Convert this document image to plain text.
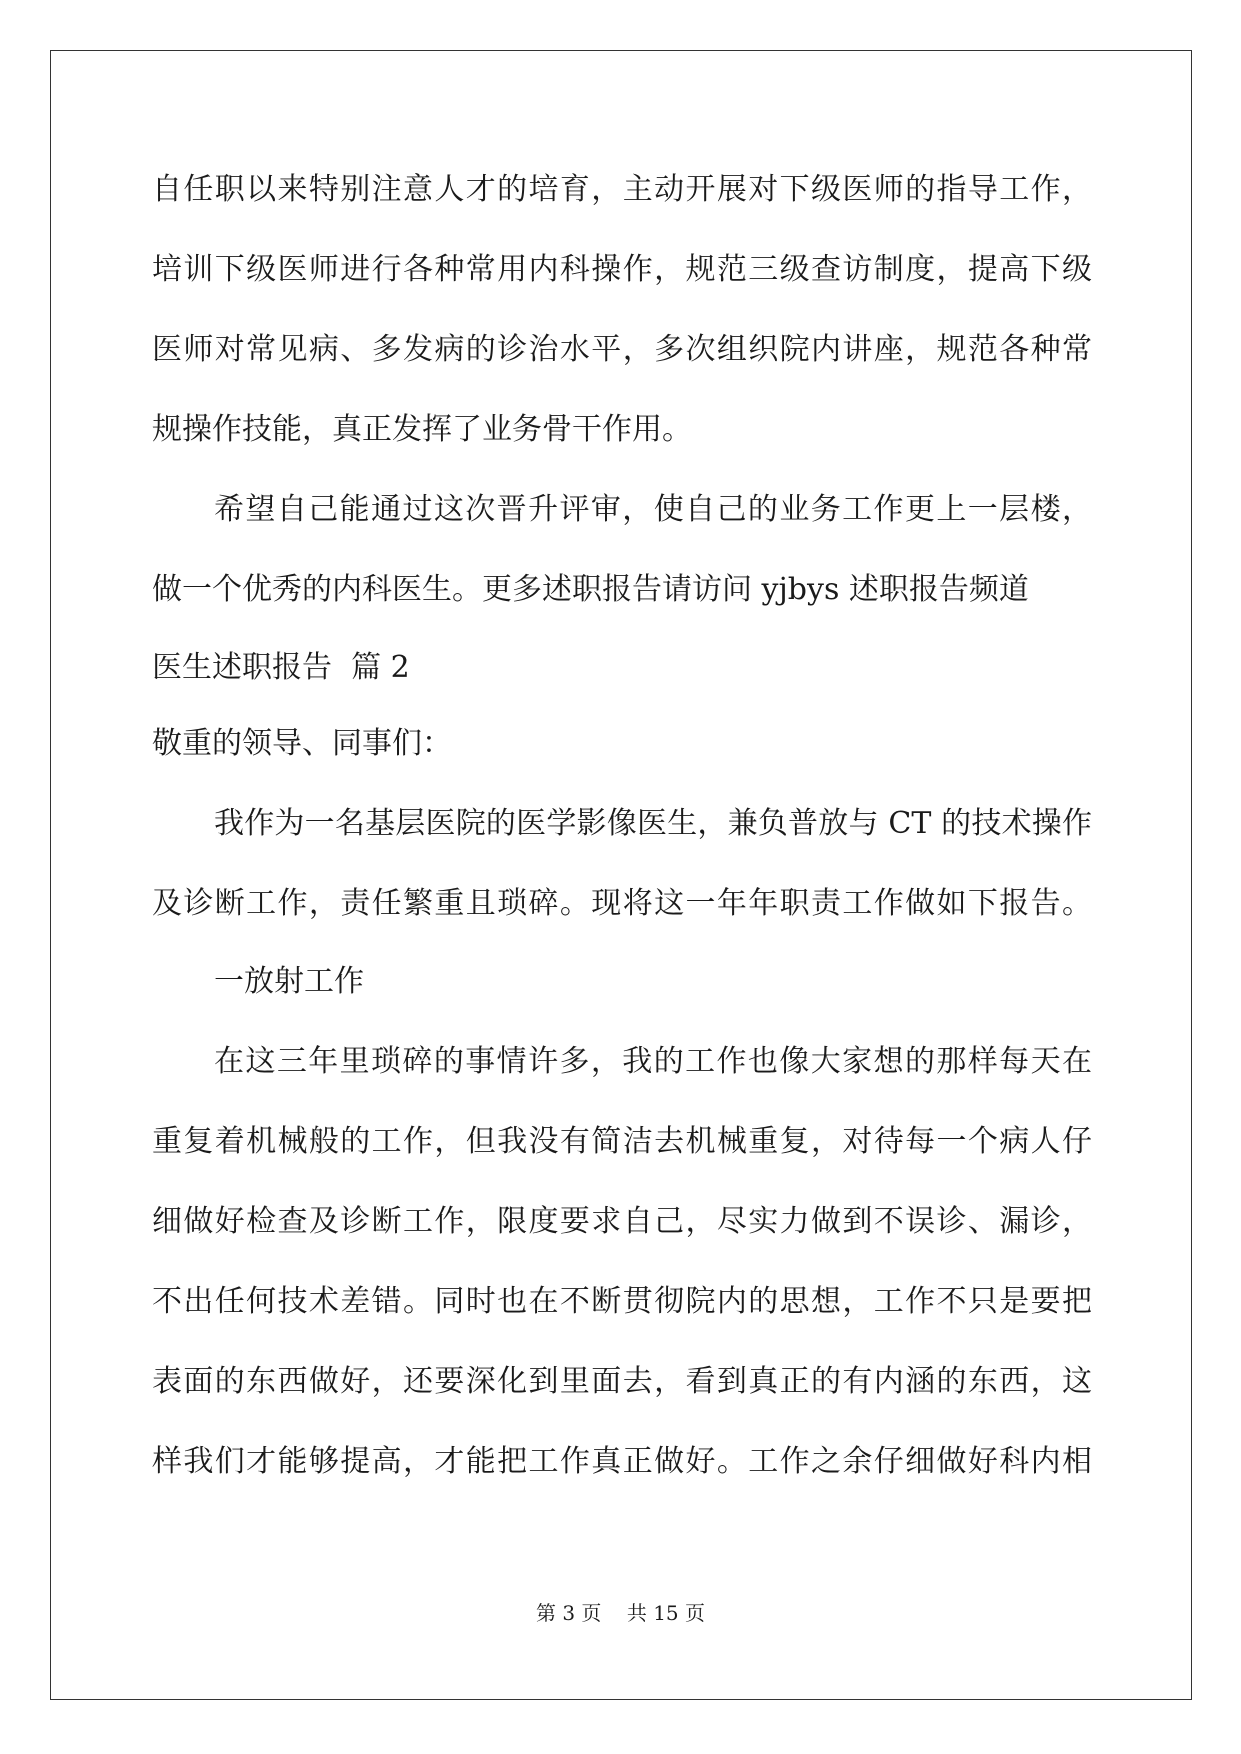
自任职以来特别注意人才的培育，主动开展对下级医师的指导工作，
培训下级医师进行各种常用内科操作，规范三级查访制度，提高下级
医师对常见病、多发病的诊治水平，多次组织院内讲座，规范各种常
规操作技能，真正发挥了业务骨干作用。
希望自己能通过这次晋升评审，使自己的业务工作更上一层楼，
做一个优秀的内科医生。更多述职报告请访问 yjbys 述职报告频道
医生述职报告  篇 2
敬重的领导、同事们：
我作为一名基层医院的医学影像医生，兼负普放与 CT 的技术操作
及诊断工作，责任繁重且琐碎。现将这一年年职责工作做如下报告。
一放射工作
在这三年里琐碎的事情许多，我的工作也像大家想的那样每天在
重复着机械般的工作，但我没有简洁去机械重复，对待每一个病人仔
细做好检查及诊断工作，限度要求自己，尽实力做到不误诊、漏诊，
不出任何技术差错。同时也在不断贯彻院内的思想，工作不只是要把
表面的东西做好，还要深化到里面去，看到真正的有内涵的东西，这
样我们才能够提高，才能把工作真正做好。工作之余仔细做好科内相
第 3 页    共 15 页
